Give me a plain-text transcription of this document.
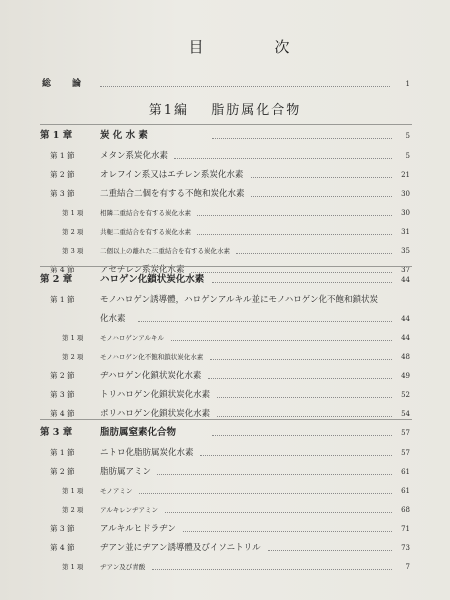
目　次
総　論	1
第1編 脂肪属化合物
第 1 章	炭 化 水 素	5
第 1 節	メタン系炭化水素	5
第 2 節	オレフイン系又はエチレン系炭化水素	21
第 3 節	二重結合二個を有する不飽和炭化水素	30
第 1 項	相隣二重結合を有する炭化水素	30
第 2 項	共軛二重結合を有する炭化水素	31
第 3 項	二個以上の離れた二重結合を有する炭化水素	35
第 4 節	アセチレン系炭化水素	37
第 2 章	ハロゲン化鎖状炭化水素	44
第 1 節	モノハロゲン誘導體，ハロゲンアルキル並にモノハロゲン化不飽和鎖状炭
化水素	44
第 1 項	モノハロゲンアルキル	44
第 2 項	モノハロゲン化不飽和鎖状炭化水素	48
第 2 節	ヂハロゲン化鎖状炭化水素	49
第 3 節	トリハロゲン化鎖状炭化水素	52
第 4 節	ポリハロゲン化鎖状炭化水素	54
第 3 章	脂肪属窒素化合物	57
第 1 節	ニトロ化脂肪属炭化水素	57
第 2 節	脂肪属アミン	61
第 1 項	モノアミン	61
第 2 項	アルキレンヂアミン	68
第 3 節	アルキルヒドラヂン	71
第 4 節	ヂアン並にヂアン誘導體及びイソニトリル	73
第 1 項	ヂアン及び青酸	7
